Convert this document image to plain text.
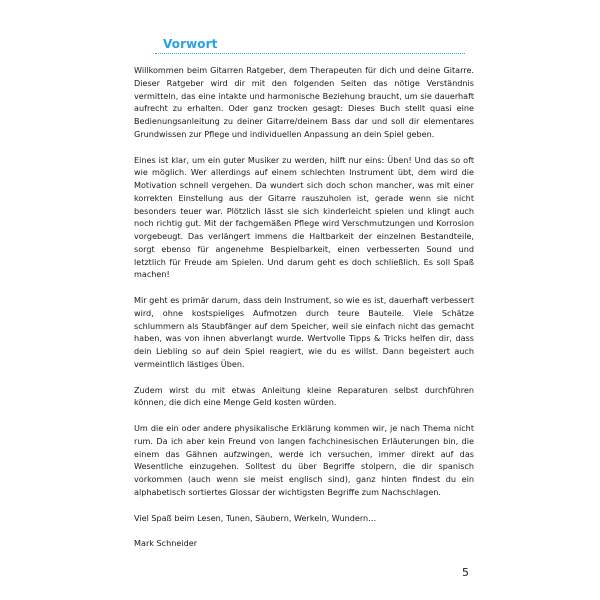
Vorwort

Willkommen beim Gitarren Ratgeber, dem Therapeuten für dich und deine Gitarre. Dieser Ratgeber wird dir mit den folgenden Seiten das nötige Verständnis vermitteln, das eine intakte und harmonische Beziehung braucht, um sie dauerhaft aufrecht zu erhalten. Oder ganz trocken gesagt: Dieses Buch stellt quasi eine Bedienungsanleitung zu deiner Gitarre/deinem Bass dar und soll dir elementares Grundwissen zur Pflege und individuellen Anpassung an dein Spiel geben.

Eines ist klar, um ein guter Musiker zu werden, hilft nur eins: Üben! Und das so oft wie möglich. Wer allerdings auf einem schlechten Instrument übt, dem wird die Motivation schnell vergehen. Da wundert sich doch schon mancher, was mit einer korrekten Einstellung aus der Gitarre rauszuholen ist, gerade wenn sie nicht besonders teuer war. Plötzlich lässt sie sich kinderleicht spielen und klingt auch noch richtig gut. Mit der fachgemäßen Pflege wird Verschmutzungen und Korrosion vorgebeugt. Das verlängert immens die Haltbarkeit der einzelnen Bestandteile, sorgt ebenso für angenehme Bespielbarkeit, einen verbesserten Sound und letztlich für Freude am Spielen. Und darum geht es doch schließlich. Es soll Spaß machen!

Mir geht es primär darum, dass dein Instrument, so wie es ist, dauerhaft verbessert wird, ohne kostspieliges Aufmotzen durch teure Bauteile. Viele Schätze schlummern als Staubfänger auf dem Speicher, weil sie einfach nicht das gemacht haben, was von ihnen abverlangt wurde. Wertvolle Tipps & Tricks helfen dir, dass dein Liebling so auf dein Spiel reagiert, wie du es willst. Dann begeistert auch vermeintlich lästiges Üben.

Zudem wirst du mit etwas Anleitung kleine Reparaturen selbst durchführen können, die dich eine Menge Geld kosten würden.

Um die ein oder andere physikalische Erklärung kommen wir, je nach Thema nicht rum. Da ich aber kein Freund von langen fachchinesischen Erläuterungen bin, die einem das Gähnen aufzwingen, werde ich versuchen, immer direkt auf das Wesentliche einzugehen. Solltest du über Begriffe stolpern, die dir spanisch vorkommen (auch wenn sie meist englisch sind), ganz hinten findest du ein alphabetisch sortiertes Glossar der wichtigsten Begriffe zum Nachschlagen.

Viel Spaß beim Lesen, Tunen, Säubern, Werkeln, Wundern…

Mark Schneider

5
